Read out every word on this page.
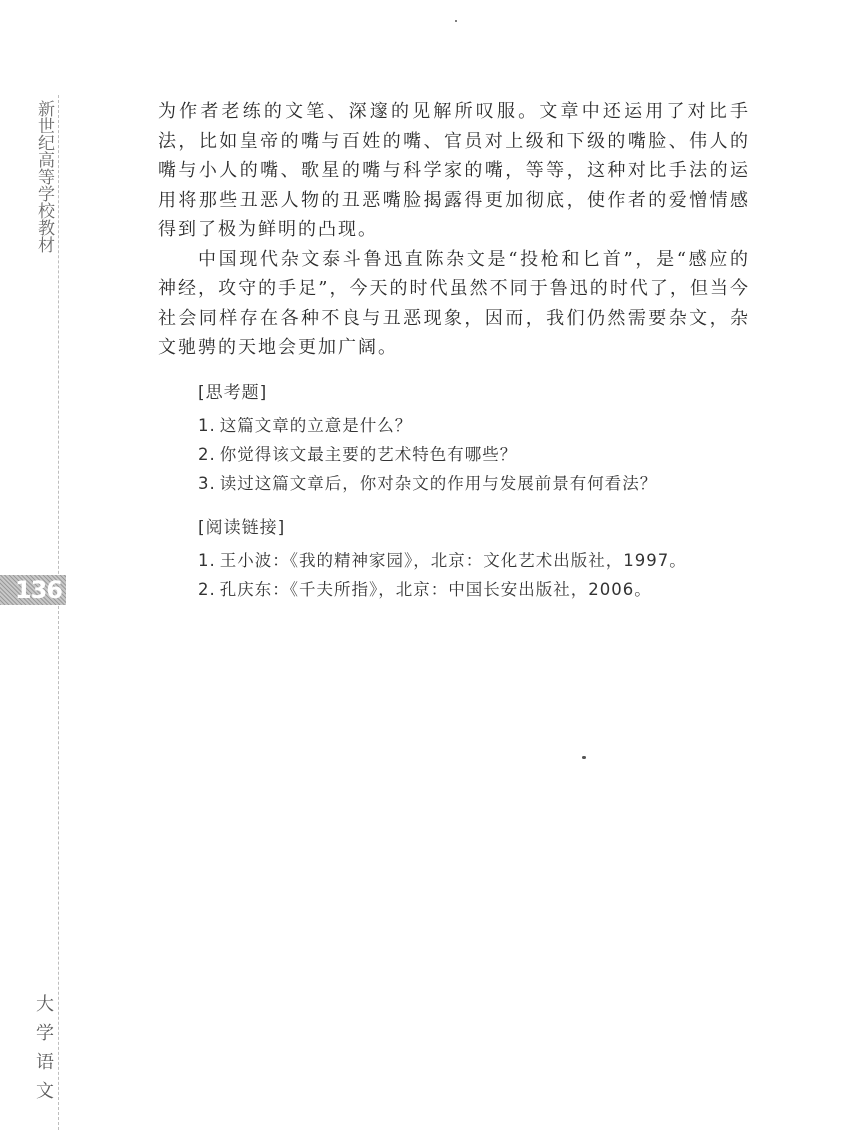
新世纪高等学校教材
136
大
学
语
文

为作者老练的文笔、深邃的见解所叹服。文章中还运用了对比手法，比如皇帝的嘴与百姓的嘴、官员对上级和下级的嘴脸、伟人的嘴与小人的嘴、歌星的嘴与科学家的嘴，等等，这种对比手法的运用将那些丑恶人物的丑恶嘴脸揭露得更加彻底，使作者的爱憎情感得到了极为鲜明的凸现。

中国现代杂文泰斗鲁迅直陈杂文是“投枪和匕首”，是“感应的神经，攻守的手足”，今天的时代虽然不同于鲁迅的时代了，但当今社会同样存在各种不良与丑恶现象，因而，我们仍然需要杂文，杂文驰骋的天地会更加广阔。

[思考题]
1. 这篇文章的立意是什么？
2. 你觉得该文最主要的艺术特色有哪些？
3. 读过这篇文章后，你对杂文的作用与发展前景有何看法？
[阅读链接]
1. 王小波：《我的精神家园》，北京：文化艺术出版社，1997。
2. 孔庆东：《千夫所指》，北京：中国长安出版社，2006。
